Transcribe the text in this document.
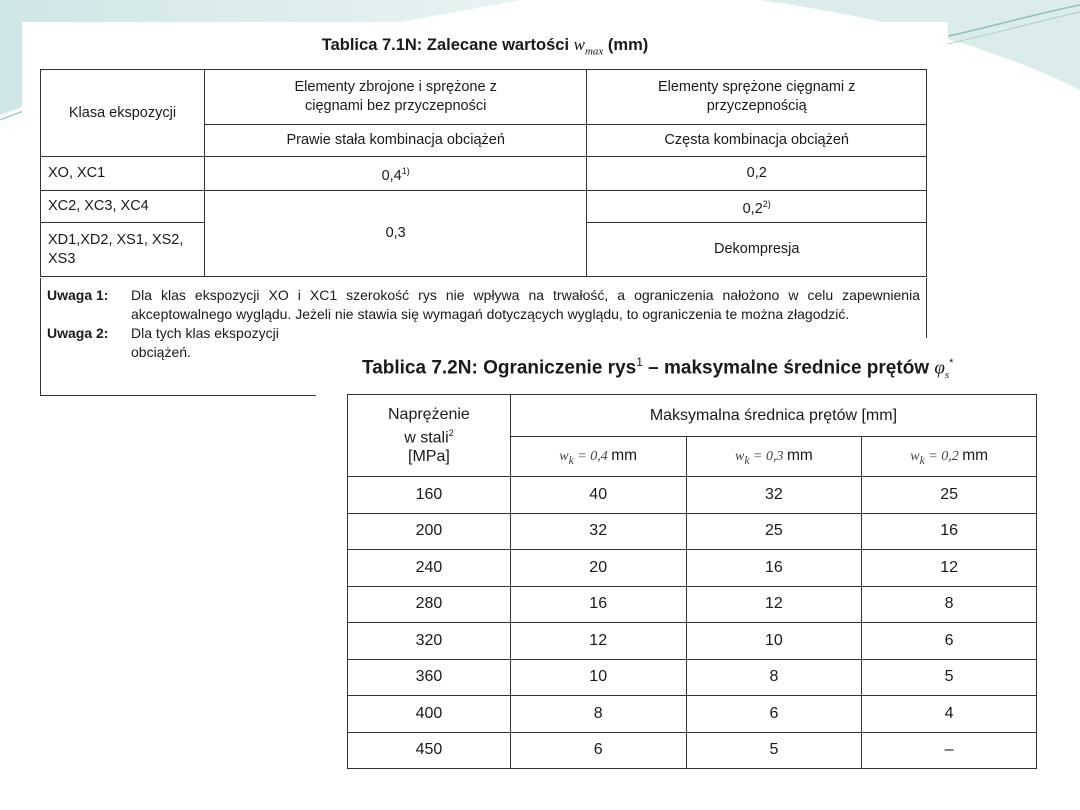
Tablica 7.1N: Zalecane wartości $w_{max}$ (mm)
Klasa ekspozycji	Elementy zbrojone i sprężone z cięgnami bez przyczepności	Elementy sprężone cięgnami z przyczepnością

	Prawie stała kombinacja obciążeń	Częsta kombinacja obciążeń
XO, XC1	0,4$^{1)}$	0,2
XC2, XC3, XC4	0,3	0,2$^{2)}$

XD1,XD2, XS1, XS2, XS3		Dekompresja
Uwaga 1:	Dla klas ekspozycji XO i XC1 szerokość rys nie wpływa na trwałość, a ograniczenia nałożono w celu zapewnienia akceptowalnego wyglądu. Jeżeli nie stawia się wymagań dotyczących wyglądu, to ograniczenia te można złagodzić.
Uwaga 2:	Dla tych klas ekspozycji
obciążeń.
Tablica 7.2N: Ograniczenie rys$^1$ – maksymalne średnice prętów $\varphi_s^*$
Naprężenie
w stali$^2$
[MPa]	Maksymalna średnica prętów [mm]		
	$w_k = 0,4$ mm	$w_k = 0,3$ mm	$w_k = 0,2$ mm
160	40	32	25
200	32	25	16
240	20	16	12
280	16	12	8
320	12	10	6
360	10	8	5
400	8	6	4
450	6	5	–
